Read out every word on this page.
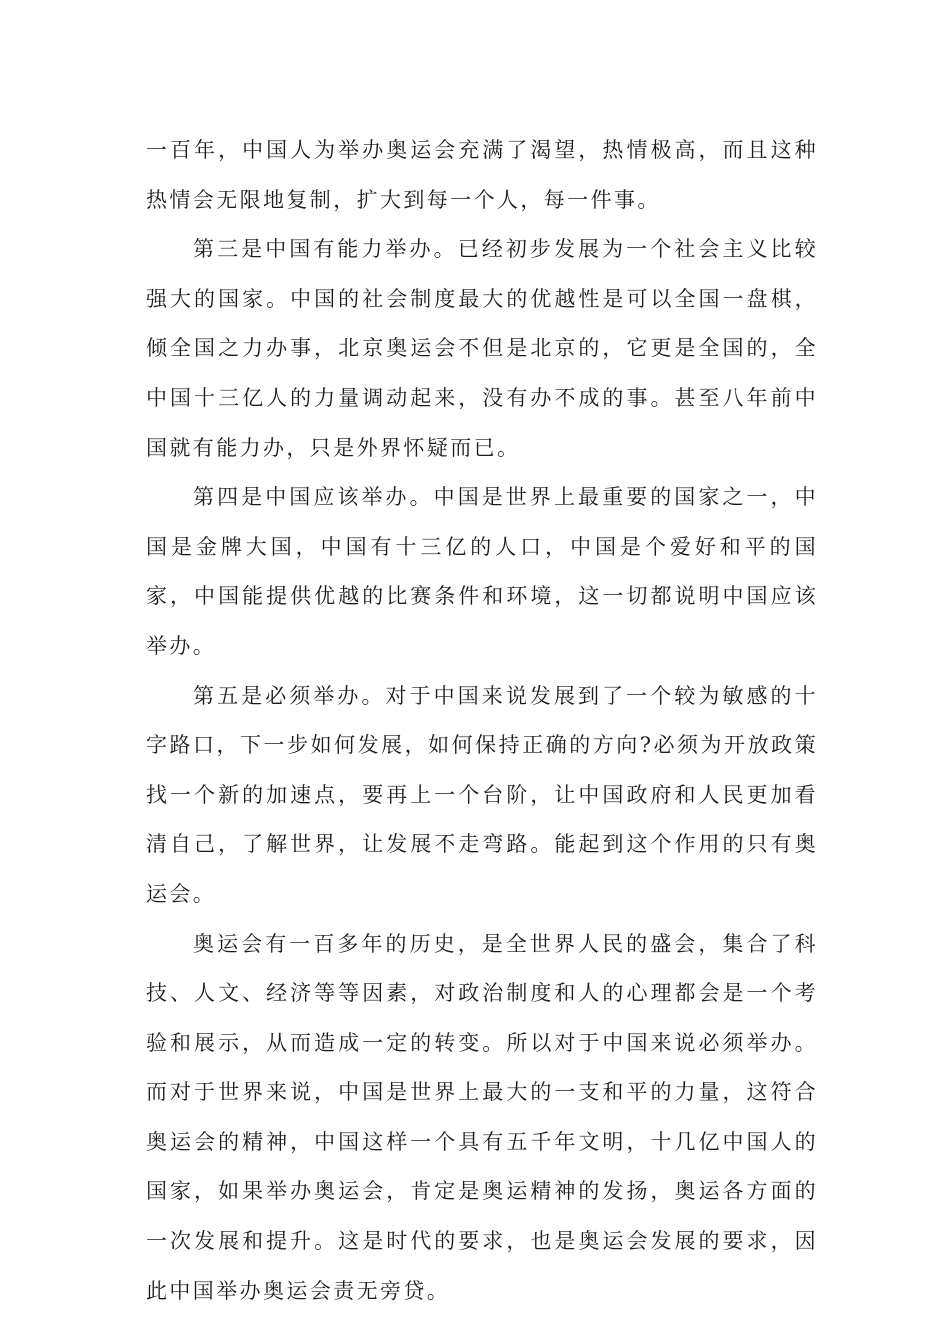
一百年，中国人为举办奥运会充满了渴望，热情极高，而且这种热情会无限地复制，扩大到每一个人，每一件事。

第三是中国有能力举办。已经初步发展为一个社会主义比较强大的国家。中国的社会制度最大的优越性是可以全国一盘棋，倾全国之力办事，北京奥运会不但是北京的，它更是全国的，全中国十三亿人的力量调动起来，没有办不成的事。甚至八年前中国就有能力办，只是外界怀疑而已。

第四是中国应该举办。中国是世界上最重要的国家之一，中国是金牌大国，中国有十三亿的人口，中国是个爱好和平的国家，中国能提供优越的比赛条件和环境，这一切都说明中国应该举办。

第五是必须举办。对于中国来说发展到了一个较为敏感的十字路口，下一步如何发展，如何保持正确的方向?必须为开放政策找一个新的加速点，要再上一个台阶，让中国政府和人民更加看清自己，了解世界，让发展不走弯路。能起到这个作用的只有奥运会。

奥运会有一百多年的历史，是全世界人民的盛会，集合了科技、人文、经济等等因素，对政治制度和人的心理都会是一个考验和展示，从而造成一定的转变。所以对于中国来说必须举办。而对于世界来说，中国是世界上最大的一支和平的力量，这符合奥运会的精神，中国这样一个具有五千年文明，十几亿中国人的国家，如果举办奥运会，肯定是奥运精神的发扬，奥运各方面的一次发展和提升。这是时代的要求，也是奥运会发展的要求，因此中国举办奥运会责无旁贷。
